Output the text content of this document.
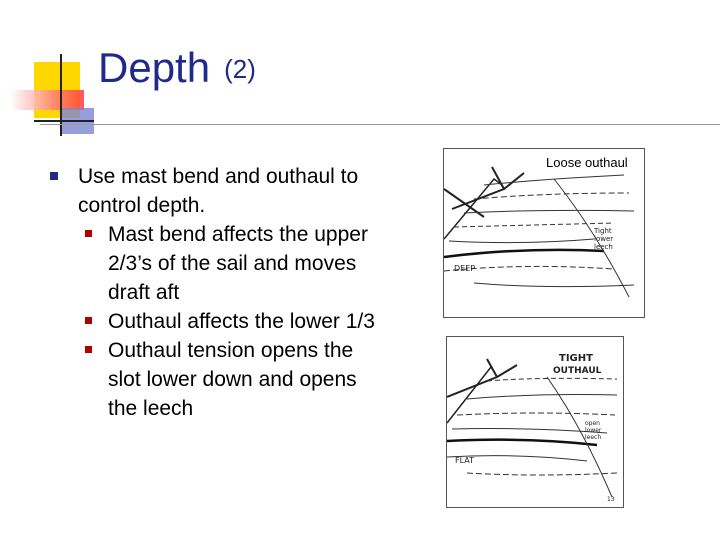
Depth (2)
Use mast bend and outhaul to control depth.
Mast bend affects the upper 2/3’s of the sail and moves draft aft
Outhaul affects the lower 1/3
Outhaul tension opens the slot lower down and opens the leech
DEEP
Tight
lower
leech
Loose outhaul
TIGHT
OUTHAUL
FLAT
open
lower
leech
13
